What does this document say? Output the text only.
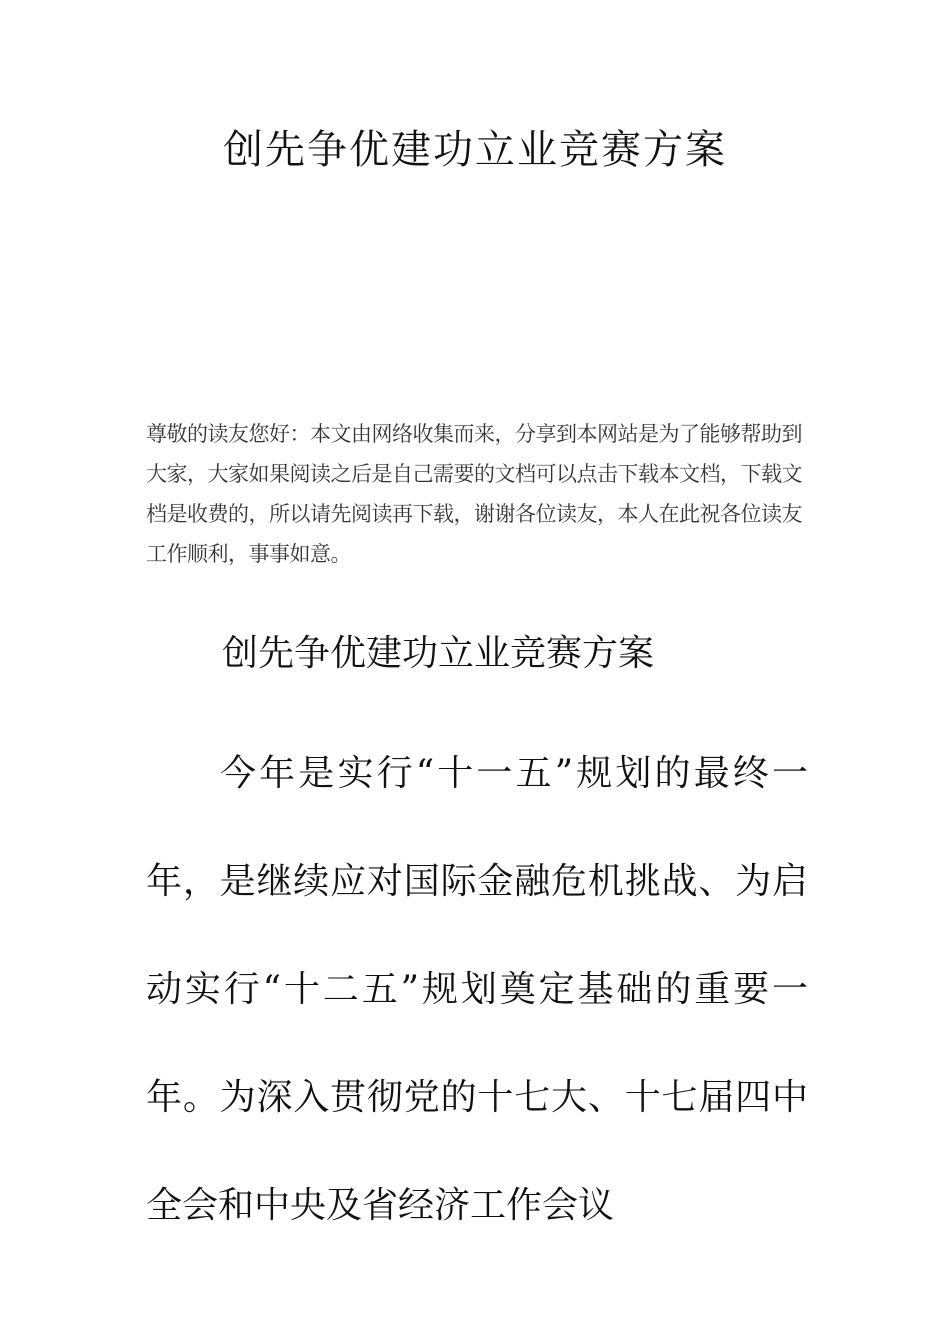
创先争优建功立业竞赛方案

尊敬的读友您好：本文由网络收集而来，分享到本网站是为了能够帮助到大家，大家如果阅读之后是自己需要的文档可以点击下载本文档，下载文档是收费的，所以请先阅读再下载，谢谢各位读友，本人在此祝各位读友工作顺利，事事如意。

创先争优建功立业竞赛方案

今年是实行“十一五”规划的最终一年，是继续应对国际金融危机挑战、为启动实行“十二五”规划奠定基础的重要一年。为深入贯彻党的十七大、十七届四中全会和中央及省经济工作会议
